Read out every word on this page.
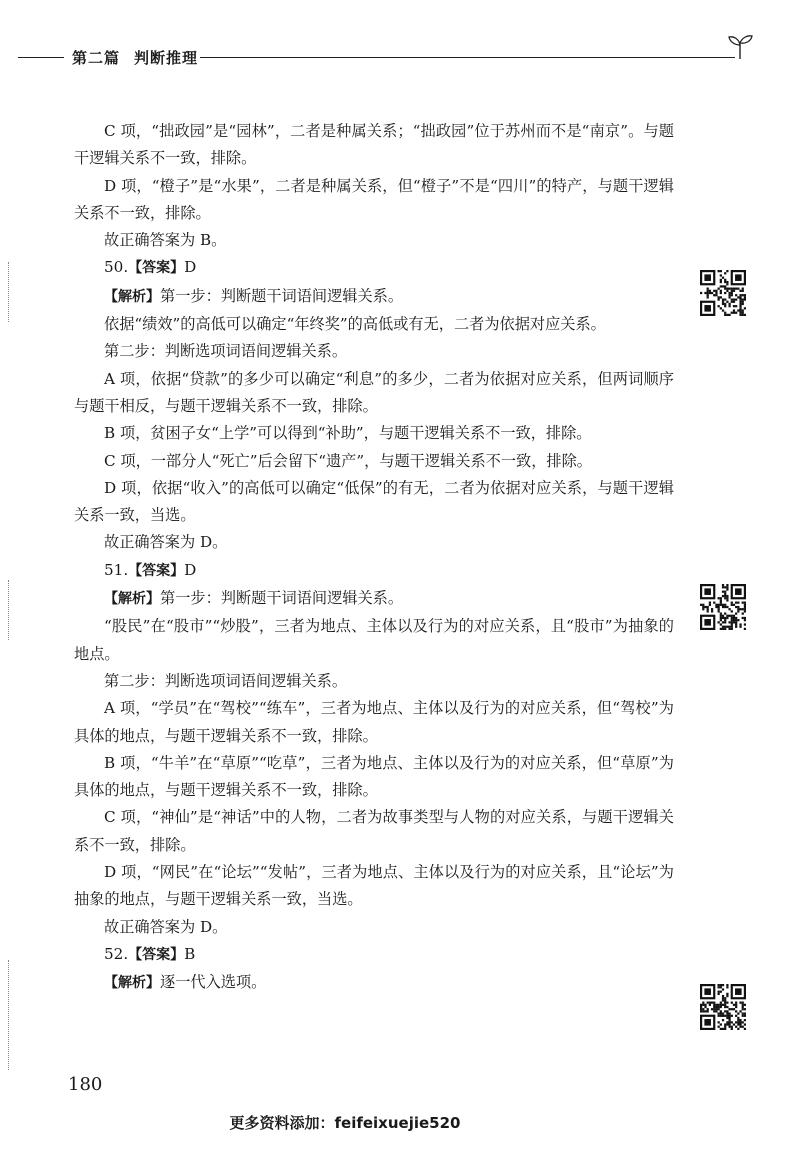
第二篇 判断推理

C 项，“拙政园”是“园林”，二者是种属关系；“拙政园”位于苏州而不是“南京”。与题干逻辑关系不一致，排除。

D 项，“橙子”是“水果”，二者是种属关系，但“橙子”不是“四川”的特产，与题干逻辑关系不一致，排除。

故正确答案为 B。

50.【答案】D

【解析】第一步：判断题干词语间逻辑关系。

依据“绩效”的高低可以确定“年终奖”的高低或有无，二者为依据对应关系。

第二步：判断选项词语间逻辑关系。

A 项，依据“贷款”的多少可以确定“利息”的多少，二者为依据对应关系，但两词顺序与题干相反，与题干逻辑关系不一致，排除。

B 项，贫困子女“上学”可以得到“补助”，与题干逻辑关系不一致，排除。

C 项，一部分人“死亡”后会留下“遗产”，与题干逻辑关系不一致，排除。

D 项，依据“收入”的高低可以确定“低保”的有无，二者为依据对应关系，与题干逻辑关系一致，当选。

故正确答案为 D。

51.【答案】D

【解析】第一步：判断题干词语间逻辑关系。

“股民”在“股市”“炒股”，三者为地点、主体以及行为的对应关系，且“股市”为抽象的地点。

第二步：判断选项词语间逻辑关系。

A 项，“学员”在“驾校”“练车”，三者为地点、主体以及行为的对应关系，但“驾校”为具体的地点，与题干逻辑关系不一致，排除。

B 项，“牛羊”在“草原”“吃草”，三者为地点、主体以及行为的对应关系，但“草原”为具体的地点，与题干逻辑关系不一致，排除。

C 项，“神仙”是“神话”中的人物，二者为故事类型与人物的对应关系，与题干逻辑关系不一致，排除。

D 项，“网民”在“论坛”“发帖”，三者为地点、主体以及行为的对应关系，且“论坛”为抽象的地点，与题干逻辑关系一致，当选。

故正确答案为 D。

52.【答案】B

【解析】逐一代入选项。

180
更多资料添加：feifeixuejie520
